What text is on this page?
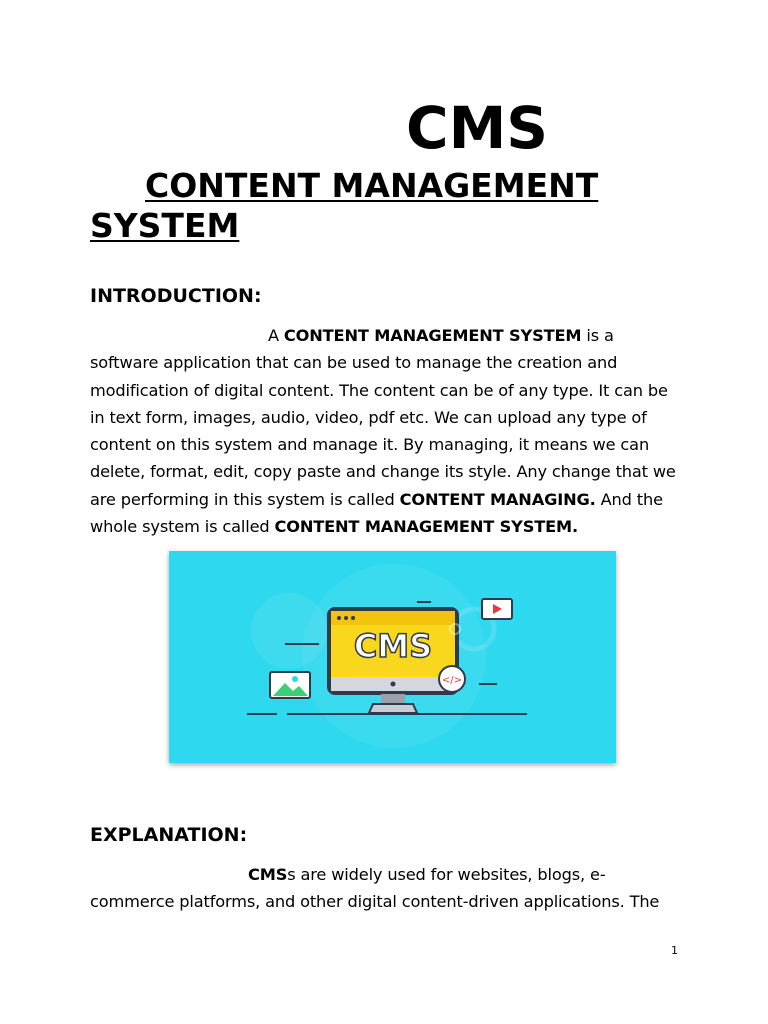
CMS
CONTENT MANAGEMENT SYSTEM
INTRODUCTION:

A CONTENT MANAGEMENT SYSTEM is a software application that can be used to manage the creation and modification of digital content. The content can be of any type. It can be in text form, images, audio, video, pdf etc. We can upload any type of content on this system and manage it. By managing, it means we can delete, format, edit, copy paste and change its style. Any change that we are performing in this system is called CONTENT MANAGING. And the whole system is called CONTENT MANAGEMENT SYSTEM.

CMS
</>
EXPLANATION:

CMSs are widely used for websites, blogs, e-commerce platforms, and other digital content-driven applications. The

1
